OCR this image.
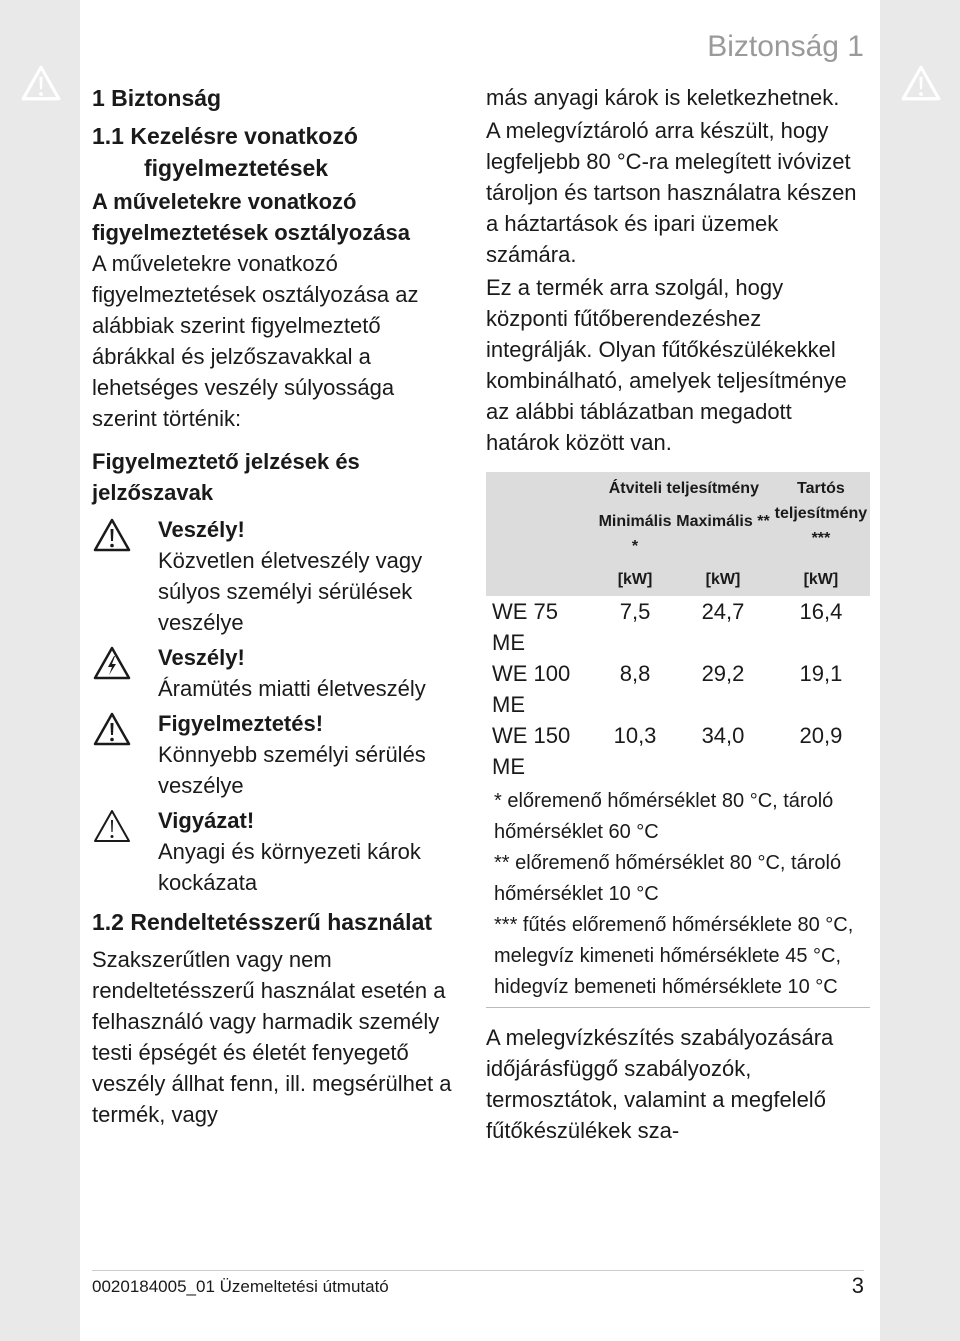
Biztonság 1

1 Biztonság

1.1 Kezelésre vonatkozó figyelmeztetések

A műveletekre vonatkozó figyelmeztetések osztályozása

A műveletekre vonatkozó figyelmeztetések osztályozása az alábbiak szerint figyelmeztető ábrákkal és jelzőszavakkal a lehetséges veszély súlyossága szerint történik:

Figyelmeztető jelzések és jelzőszavak

Veszély!

Közvetlen életveszély vagy súlyos személyi sérülések veszélye

Veszély!

Áramütés miatti életveszély

Figyelmeztetés!

Könnyebb személyi sérülés veszélye

Vigyázat!

Anyagi és környezeti károk kockázata

1.2 Rendeltetésszerű használat

Szakszerűtlen vagy nem rendeltetésszerű használat esetén a felhasználó vagy harmadik személy testi épségét és életét fenyegető veszély állhat fenn, ill. megsérülhet a termék, vagy

más anyagi károk is keletkezhetnek.

A melegvíztároló arra készült, hogy legfeljebb 80 °C-ra melegített ivóvizet tároljon és tartson használatra készen a háztartások és ipari üzemek számára.

Ez a termék arra szolgál, hogy központi fűtőberendezéshez integrálják. Olyan fűtőkészülékekkel kombinálható, amelyek teljesítménye az alábbi táblázatban megadott határok között van.

	Átviteli teljesítmény		Tartós teljesítmény ***
	Minimális *	Maximális **	
	[kW]	[kW]	[kW]
WE 75 ME	7,5	24,7	16,4
WE 100 ME	8,8	29,2	19,1
WE 150 ME	10,3	34,0	20,9

* előremenő hőmérséklet 80 °C, tároló hőmérséklet 60 °C

** előremenő hőmérséklet 80 °C, tároló hőmérséklet 10 °C

*** fűtés előremenő hőmérséklete 80 °C, melegvíz kimeneti hőmérséklete 45 °C, hidegvíz bemeneti hőmérséklete 10 °C			

A melegvízkészítés szabályozására időjárásfüggő szabályozók, termosztátok, valamint a megfelelő fűtőkészülékek sza-

0020184005_01 Üzemeltetési útmutató	3
